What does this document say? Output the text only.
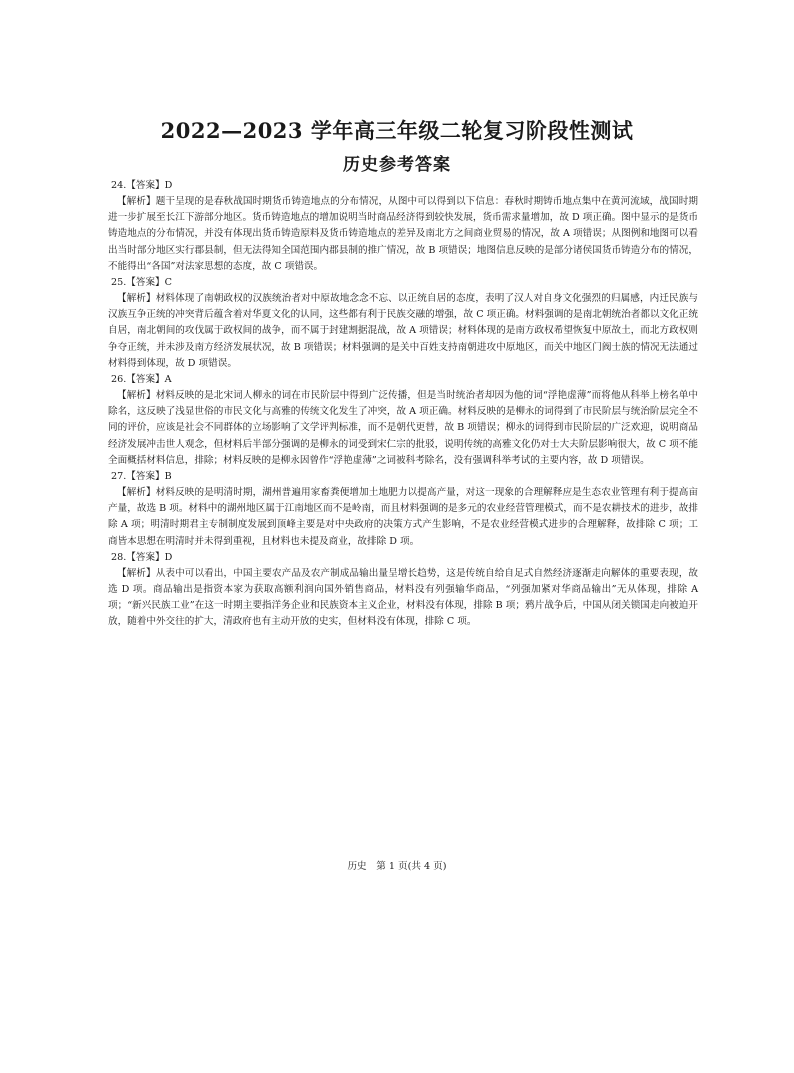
2022—2023 学年高三年级二轮复习阶段性测试
历史参考答案
24.【答案】D

【解析】题干呈现的是春秋战国时期货币铸造地点的分布情况，从图中可以得到以下信息：春秋时期铸币地点集中在黄河流域，战国时期进一步扩展至长江下游部分地区。货币铸造地点的增加说明当时商品经济得到较快发展，货币需求量增加，故 D 项正确。图中显示的是货币铸造地点的分布情况，并没有体现出货币铸造原料及货币铸造地点的差异及南北方之间商业贸易的情况，故 A 项错误；从图例和地图可以看出当时部分地区实行郡县制，但无法得知全国范围内郡县制的推广情况，故 B 项错误；地图信息反映的是部分诸侯国货币铸造分布的情况，不能得出“各国”对法家思想的态度，故 C 项错误。

25.【答案】C

【解析】材料体现了南朝政权的汉族统治者对中原故地念念不忘、以正统自居的态度，表明了汉人对自身文化强烈的归属感，内迁民族与汉族互争正统的冲突背后蕴含着对华夏文化的认同，这些都有利于民族交融的增强，故 C 项正确。材料强调的是南北朝统治者都以文化正统自居，南北朝间的攻伐属于政权间的战争，而不属于封建割据混战，故 A 项错误；材料体现的是南方政权希望恢复中原故土，而北方政权则争夺正统，并未涉及南方经济发展状况，故 B 项错误；材料强调的是关中百姓支持南朝进攻中原地区，而关中地区门阀士族的情况无法通过材料得到体现，故 D 项错误。

26.【答案】A

【解析】材料反映的是北宋词人柳永的词在市民阶层中得到广泛传播，但是当时统治者却因为他的词“浮艳虚薄”而将他从科举上榜名单中除名，这反映了浅显世俗的市民文化与高雅的传统文化发生了冲突，故 A 项正确。材料反映的是柳永的词得到了市民阶层与统治阶层完全不同的评价，应该是社会不同群体的立场影响了文学评判标准，而不是朝代更替，故 B 项错误；柳永的词得到市民阶层的广泛欢迎，说明商品经济发展冲击世人观念，但材料后半部分强调的是柳永的词受到宋仁宗的批驳，说明传统的高雅文化仍对士大夫阶层影响很大，故 C 项不能全面概括材料信息，排除；材料反映的是柳永因曾作“浮艳虚薄”之词被科考除名，没有强调科举考试的主要内容，故 D 项错误。

27.【答案】B

【解析】材料反映的是明清时期，湖州普遍用家畜粪便增加土地肥力以提高产量，对这一现象的合理解释应是生态农业管理有利于提高亩产量，故选 B 项。材料中的湖州地区属于江南地区而不是岭南，而且材料强调的是多元的农业经营管理模式，而不是农耕技术的进步，故排除 A 项；明清时期君主专制制度发展到顶峰主要是对中央政府的决策方式产生影响，不是农业经营模式进步的合理解释，故排除 C 项；工商皆本思想在明清时并未得到重视，且材料也未提及商业，故排除 D 项。

28.【答案】D

【解析】从表中可以看出，中国主要农产品及农产制成品输出量呈增长趋势，这是传统自给自足式自然经济逐渐走向解体的重要表现，故选 D 项。商品输出是指资本家为获取高额利润向国外销售商品，材料没有列强输华商品，“列强加紧对华商品输出”无从体现，排除 A 项；“新兴民族工业”在这一时期主要指洋务企业和民族资本主义企业，材料没有体现，排除 B 项；鸦片战争后，中国从闭关锁国走向被迫开放，随着中外交往的扩大，清政府也有主动开放的史实，但材料没有体现，排除 C 项。

历史　第 1 页(共 4 页)
